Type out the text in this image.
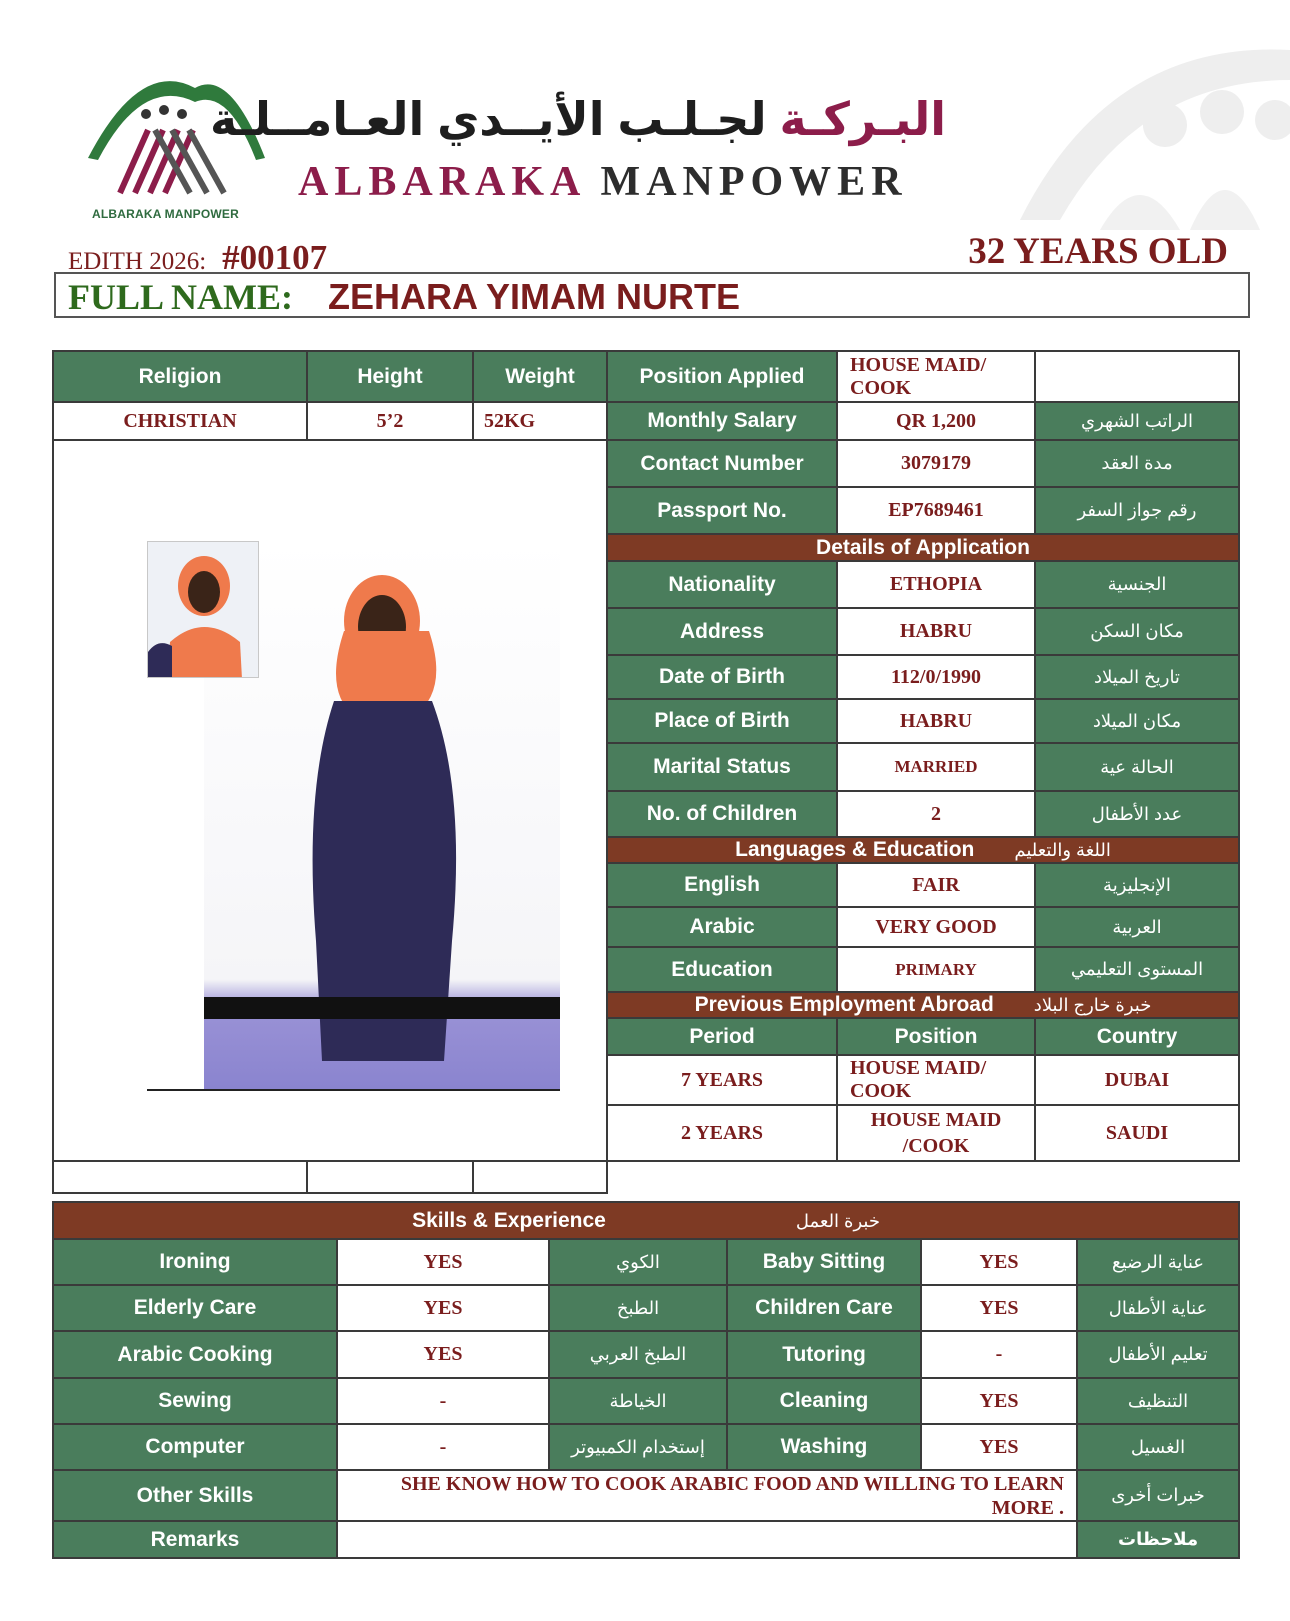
ALBARAKA MANPOWER
البـركـة لجـلـب الأيــدي العـامــلـة
ALBARAKA MANPOWER
EDITH 2026: #00107	32 YEARS OLD
FULL NAME: ZEHARA YIMAM NURTE
Religion	Height	Weight	Position Applied	HOUSE MAID/ COOK	
CHRISTIAN	5’2	52KG	Monthly Salary	QR 1,200	الراتب الشهري

	Contact Number	3079179	مدة العقد
			Passport No.	EP7689461	رقم جواز السفر
			Details of Application		
			Nationality	ETHOPIA	الجنسية
			Address	HABRU	مكان السكن
			Date of Birth	112/0/1990	تاريخ الميلاد
			Place of Birth	HABRU	مكان الميلاد
			Marital Status	MARRIED	الحالة عية
			No. of Children	2	عدد الأطفال
			Languages & Education اللغة والتعليم		
			English	FAIR	الإنجليزية
			Arabic	VERY GOOD	العربية
			Education	PRIMARY	المستوى التعليمي
			Previous Employment Abroad خبرة خارج البلاد		
			Period	Position	Country
			7 YEARS	HOUSE MAID/ COOK	DUBAI
			2 YEARS	HOUSE MAID /COOK	SAUDI

Skills & Experience خبرة العمل					
Ironing	YES	الكوي	Baby Sitting	YES	عناية الرضيع
Elderly Care	YES	الطبخ	Children Care	YES	عناية الأطفال
Arabic Cooking	YES	الطبخ العربي	Tutoring	-	تعليم الأطفال
Sewing	-	الخياطة	Cleaning	YES	التنظيف
Computer	-	إستخدام الكمبيوتر	Washing	YES	الغسيل
Other Skills	SHE KNOW HOW TO COOK ARABIC FOOD AND WILLING TO LEARN MORE .				خبرات أخرى
Remarks					ملاحظات
